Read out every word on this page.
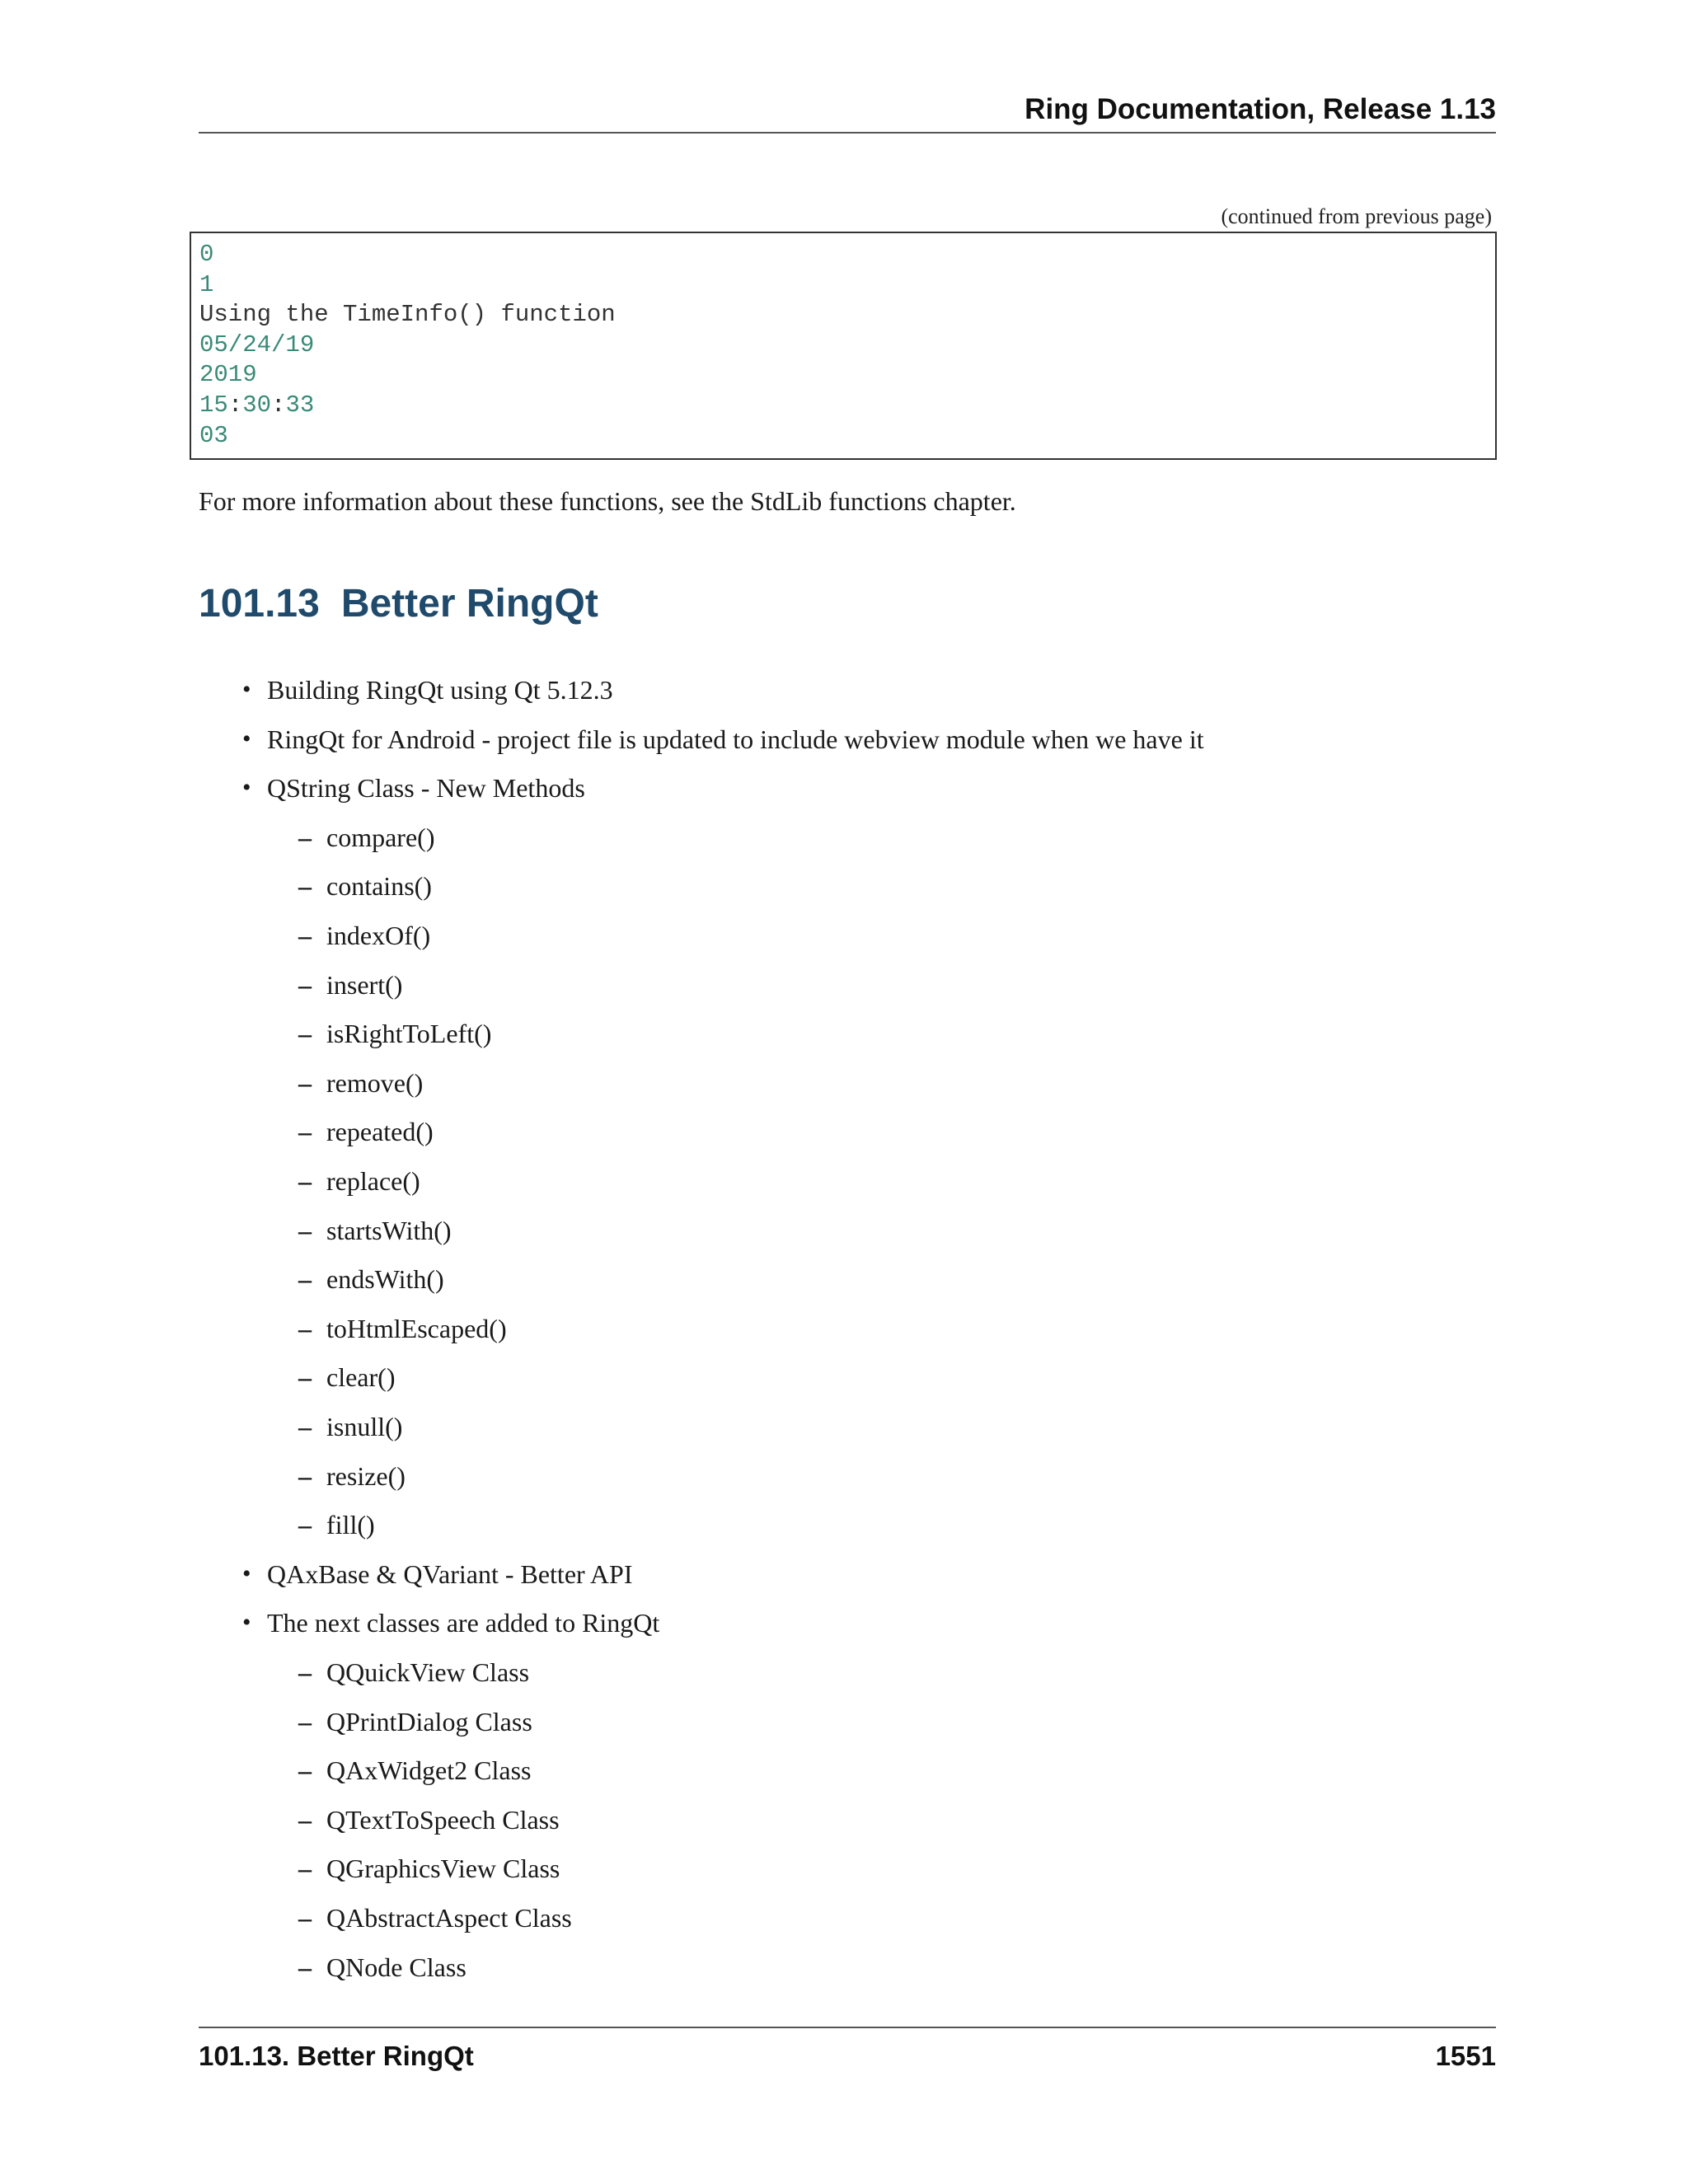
Ring Documentation, Release 1.13
(continued from previous page)
0
1
Using the TimeInfo() function
05/24/19
2019
15:30:33
03
For more information about these functions, see the StdLib functions chapter.
101.13 Better RingQt
• Building RingQt using Qt 5.12.3
• RingQt for Android - project file is updated to include webview module when we have it
• QString Class - New Methods
– compare()
– contains()
– indexOf()
– insert()
– isRightToLeft()
– remove()
– repeated()
– replace()
– startsWith()
– endsWith()
– toHtmlEscaped()
– clear()
– isnull()
– resize()
– fill()
• QAxBase & QVariant - Better API
• The next classes are added to RingQt
– QQuickView Class
– QPrintDialog Class
– QAxWidget2 Class
– QTextToSpeech Class
– QGraphicsView Class
– QAbstractAspect Class
– QNode Class
101.13. Better RingQt	1551
